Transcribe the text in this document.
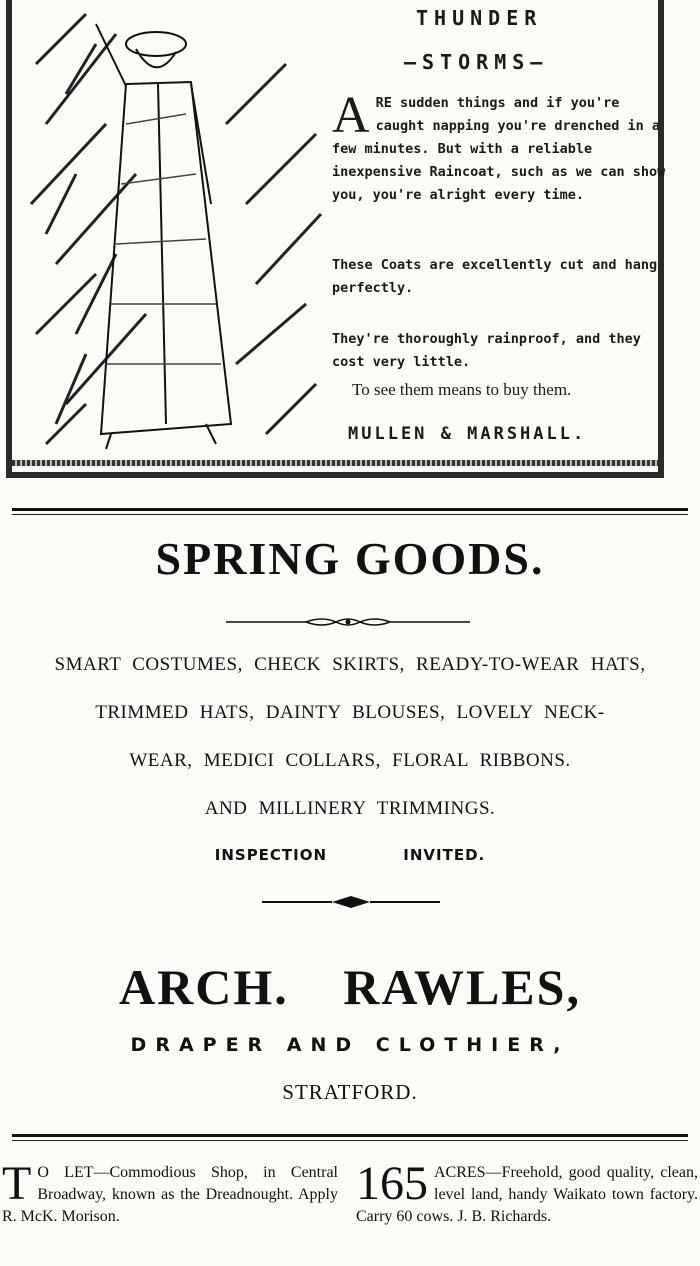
THUNDER
—STORMS—

A RE sudden things and if you're caught napping you're drenched in a few minutes. But with a reliable inexpensive Raincoat, such as we can show you, you're alright every time.

These Coats are excellently cut and hang perfectly.

They're thoroughly rainproof, and they cost very little.

To see them means to buy them.
MULLEN & MARSHALL.
SPRING GOODS.
SMART COSTUMES, CHECK SKIRTS, READY-TO-WEAR HATS,
TRIMMED HATS, DAINTY BLOUSES, LOVELY NECK-
WEAR, MEDICI COLLARS, FLORAL RIBBONS.
AND MILLINERY TRIMMINGS.
INSPECTION INVITED.
ARCH. RAWLES,
DRAPER AND CLOTHIER,
STRATFORD.
T O LET—Commodious Shop, in Central Broadway, known as the Dreadnought. Apply R. McK. Morison.
165 ACRES—Freehold, good quality, clean, level land, handy Waikato town factory. Carry 60 cows. J. B. Richards.
